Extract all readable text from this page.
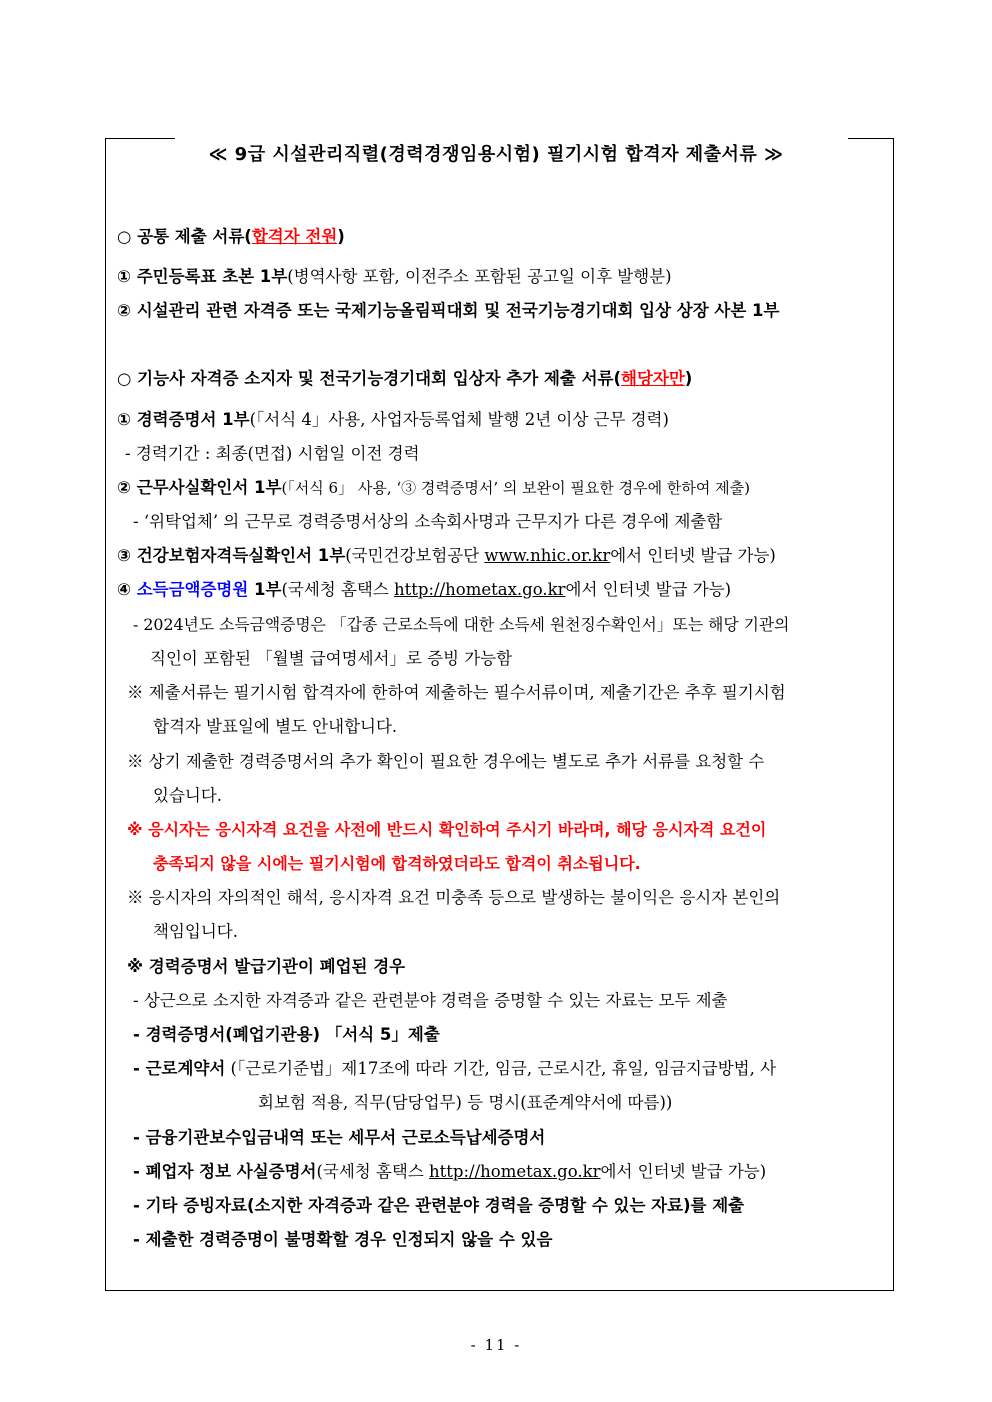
≪ 9급 시설관리직렬(경력경쟁임용시험) 필기시험 합격자 제출서류 ≫
○ 공통 제출 서류(합격자 전원)
① 주민등록표 초본 1부(병역사항 포함, 이전주소 포함된 공고일 이후 발행분)
② 시설관리 관련 자격증 또는 국제기능올림픽대회 및 전국기능경기대회 입상 상장 사본 1부
○ 기능사 자격증 소지자 및 전국기능경기대회 입상자 추가 제출 서류(해당자만)
① 경력증명서 1부(「서식 4」사용, 사업자등록업체 발행 2년 이상 근무 경력)
- 경력기간 : 최종(면접) 시험일 이전 경력
② 근무사실확인서 1부(「서식 6」 사용, ‘③ 경력증명서’ 의 보완이 필요한 경우에 한하여 제출)
- ‘위탁업체’ 의 근무로 경력증명서상의 소속회사명과 근무지가 다른 경우에 제출함
③ 건강보험자격득실확인서 1부(국민건강보험공단 www.nhic.or.kr에서 인터넷 발급 가능)
④ 소득금액증명원 1부(국세청 홈택스 http://hometax.go.kr에서 인터넷 발급 가능)
- 2024년도 소득금액증명은 「갑종 근로소득에 대한 소득세 원천징수확인서」또는 해당 기관의
직인이 포함된 「월별 급여명세서」로 증빙 가능함
※ 제출서류는 필기시험 합격자에 한하여 제출하는 필수서류이며, 제출기간은 추후 필기시험
합격자 발표일에 별도 안내합니다.
※ 상기 제출한 경력증명서의 추가 확인이 필요한 경우에는 별도로 추가 서류를 요청할 수
있습니다.
※ 응시자는 응시자격 요건을 사전에 반드시 확인하여 주시기 바라며, 해당 응시자격 요건이
충족되지 않을 시에는 필기시험에 합격하였더라도 합격이 취소됩니다.
※ 응시자의 자의적인 해석, 응시자격 요건 미충족 등으로 발생하는 불이익은 응시자 본인의
책임입니다.
※ 경력증명서 발급기관이 폐업된 경우
- 상근으로 소지한 자격증과 같은 관련분야 경력을 증명할 수 있는 자료는 모두 제출
- 경력증명서(폐업기관용) 「서식 5」제출
- 근로계약서 (「근로기준법」제17조에 따라 기간, 임금, 근로시간, 휴일, 임금지급방법, 사
회보험 적용, 직무(담당업무) 등 명시(표준계약서에 따름))
- 금융기관보수입금내역 또는 세무서 근로소득납세증명서
- 폐업자 정보 사실증명서(국세청 홈택스 http://hometax.go.kr에서 인터넷 발급 가능)
- 기타 증빙자료(소지한 자격증과 같은 관련분야 경력을 증명할 수 있는 자료)를 제출
- 제출한 경력증명이 불명확할 경우 인정되지 않을 수 있음
- 11 -
